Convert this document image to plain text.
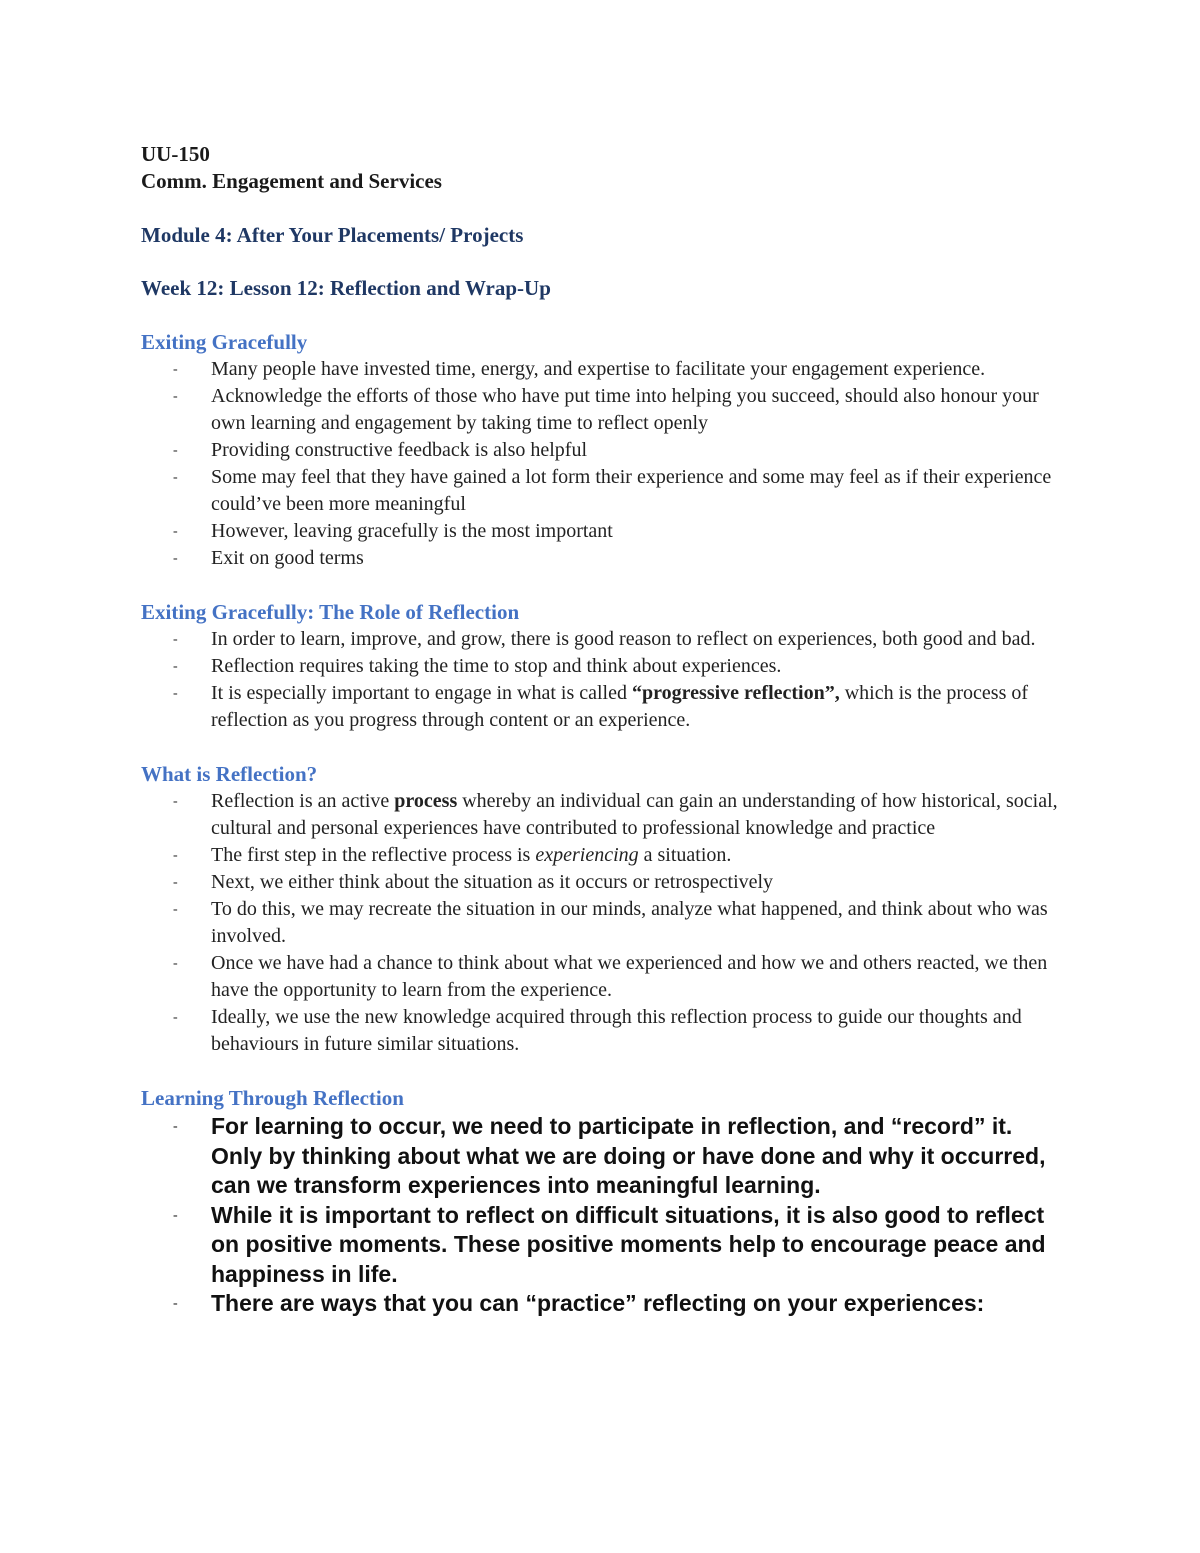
UU-150

Comm. Engagement and Services

Module 4: After Your Placements/ Projects

Week 12: Lesson 12: Reflection and Wrap-Up

Exiting Gracefully
- Many people have invested time, energy, and expertise to facilitate your engagement experience.
- Acknowledge the efforts of those who have put time into helping you succeed, should also honour your own learning and engagement by taking time to reflect openly
- Providing constructive feedback is also helpful
- Some may feel that they have gained a lot form their experience and some may feel as if their experience could’ve been more meaningful
- However, leaving gracefully is the most important
- Exit on good terms
Exiting Gracefully: The Role of Reflection
- In order to learn, improve, and grow, there is good reason to reflect on experiences, both good and bad.
- Reflection requires taking the time to stop and think about experiences.
- It is especially important to engage in what is called “progressive reflection”, which is the process of reflection as you progress through content or an experience.
What is Reflection?
- Reflection is an active process whereby an individual can gain an understanding of how historical, social, cultural and personal experiences have contributed to professional knowledge and practice
- The first step in the reflective process is experiencing a situation.
- Next, we either think about the situation as it occurs or retrospectively
- To do this, we may recreate the situation in our minds, analyze what happened, and think about who was involved.
- Once we have had a chance to think about what we experienced and how we and others reacted, we then have the opportunity to learn from the experience.
- Ideally, we use the new knowledge acquired through this reflection process to guide our thoughts and behaviours in future similar situations.
Learning Through Reflection
- For learning to occur, we need to participate in reflection, and “record” it. Only by thinking about what we are doing or have done and why it occurred, can we transform experiences into meaningful learning.
- While it is important to reflect on difficult situations, it is also good to reflect on positive moments. These positive moments help to encourage peace and happiness in life.
- There are ways that you can “practice” reflecting on your experiences:
